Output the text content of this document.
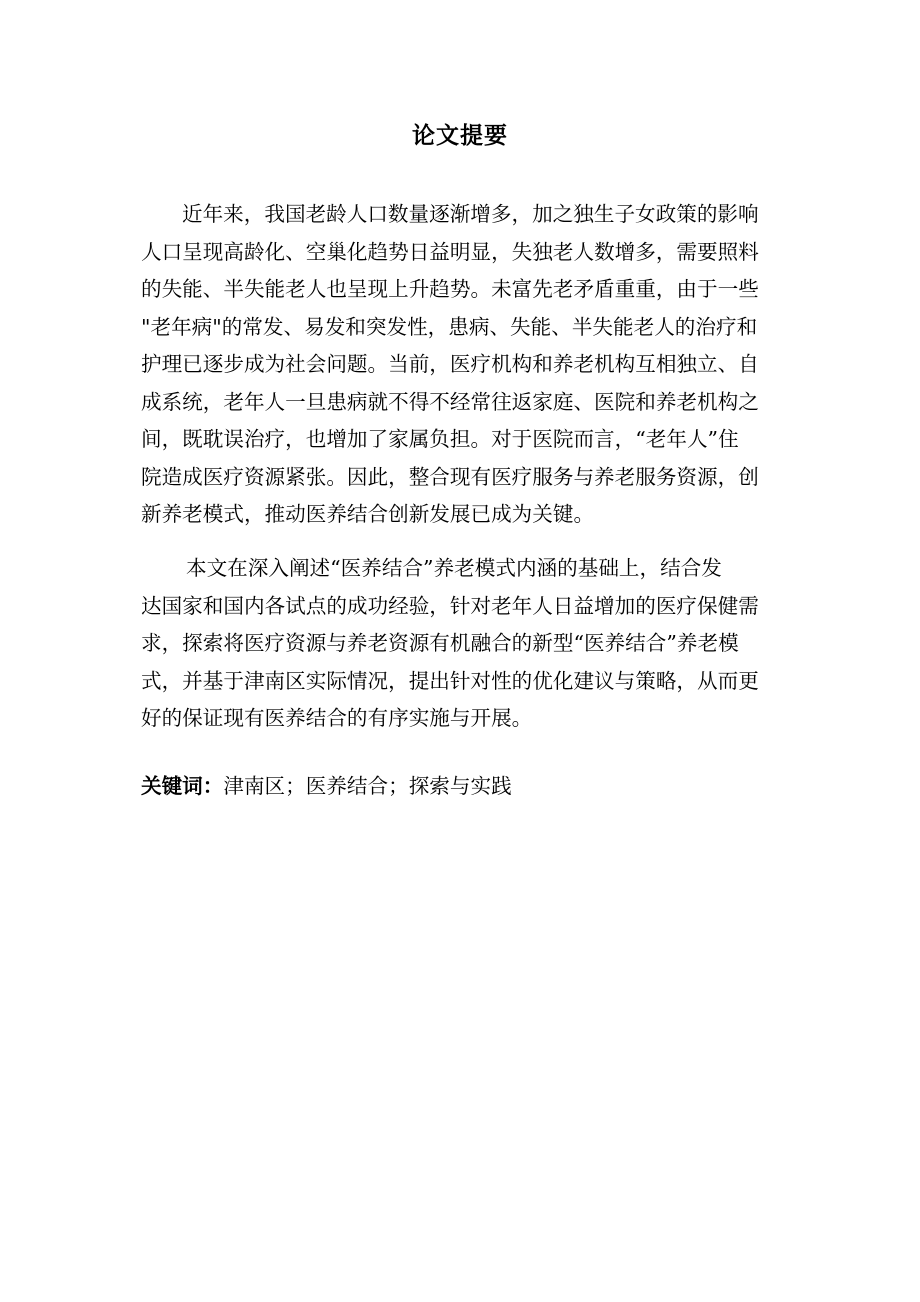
论文提要
近年来，我国老龄人口数量逐渐增多，加之独生子女政策的影响
人口呈现高龄化、空巢化趋势日益明显，失独老人数增多，需要照料
的失能、半失能老人也呈现上升趋势。未富先老矛盾重重，由于一些
"老年病"的常发、易发和突发性，患病、失能、半失能老人的治疗和
护理已逐步成为社会问题。当前，医疗机构和养老机构互相独立、自
成系统，老年人一旦患病就不得不经常往返家庭、医院和养老机构之
间，既耽误治疗，也增加了家属负担。对于医院而言，“老年人”住
院造成医疗资源紧张。因此，整合现有医疗服务与养老服务资源，创
新养老模式，推动医养结合创新发展已成为关键。
本文在深入阐述“医养结合”养老模式内涵的基础上，结合发
达国家和国内各试点的成功经验，针对老年人日益增加的医疗保健需
求，探索将医疗资源与养老资源有机融合的新型“医养结合”养老模
式，并基于津南区实际情况，提出针对性的优化建议与策略，从而更
好的保证现有医养结合的有序实施与开展。
关键词：津南区；医养结合；探索与实践
